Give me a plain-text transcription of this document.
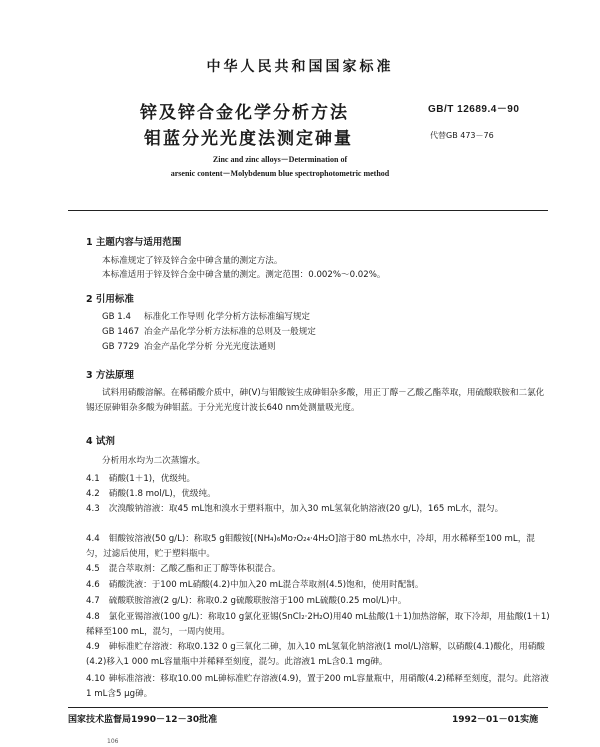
中华人民共和国国家标准
锌及锌合金化学分析方法
钼蓝分光光度法测定砷量
GB/T 12689.4－90
代替GB 473－76
Zinc and zinc alloys－Determination of
arsenic content－Molybdenum blue spectrophotometric method
1 主题内容与适用范围
本标准规定了锌及锌合金中砷含量的测定方法。
本标准适用于锌及锌合金中砷含量的测定。测定范围：0.002%～0.02%。
2 引用标准
GB 1.4 标准化工作导则 化学分析方法标准编写规定
GB 1467 冶金产品化学分析方法标准的总则及一般规定
GB 7729 冶金产品化学分析 分光光度法通则
3 方法原理
试料用硝酸溶解。在稀硝酸介质中，砷(V)与钼酸铵生成砷钼杂多酸，用正丁醇－乙酸乙酯萃取，用硫酸联胺和二氯化锡还原砷钼杂多酸为砷钼蓝。于分光光度计波长640 nm处测量吸光度。
4 试剂
分析用水均为二次蒸馏水。
4.1 硝酸(1＋1)，优级纯。
4.2 硝酸(1.8 mol/L)，优级纯。
4.3 次溴酸钠溶液：取45 mL饱和溴水于塑料瓶中，加入30 mL氢氧化钠溶液(20 g/L)，165 mL水，混匀。
4.4 钼酸铵溶液(50 g/L)：称取5 g钼酸铵[(NH₄)₆Mo₇O₂₄·4H₂O]溶于80 mL热水中，冷却，用水稀释至100 mL，混匀，过滤后使用，贮于塑料瓶中。
4.5 混合萃取剂：乙酸乙酯和正丁醇等体积混合。
4.6 硝酸洗液：于100 mL硝酸(4.2)中加入20 mL混合萃取剂(4.5)饱和，使用时配制。
4.7 硫酸联胺溶液(2 g/L)：称取0.2 g硫酸联胺溶于100 mL硫酸(0.25 mol/L)中。
4.8 氯化亚锡溶液(100 g/L)：称取10 g氯化亚锡(SnCl₂·2H₂O)用40 mL盐酸(1＋1)加热溶解，取下冷却，用盐酸(1＋1)稀释至100 mL，混匀，一周内使用。
4.9 砷标准贮存溶液：称取0.132 0 g三氧化二砷，加入10 mL氢氧化钠溶液(1 mol/L)溶解，以硝酸(4.1)酸化，用硝酸(4.2)移入1 000 mL容量瓶中并稀释至刻度，混匀。此溶液1 mL含0.1 mg砷。
4.10 砷标准溶液：移取10.00 mL砷标准贮存溶液(4.9)，置于200 mL容量瓶中，用硝酸(4.2)稀释至刻度，混匀。此溶液1 mL含5 μg砷。
国家技术监督局1990－12－30批准	1992－01－01实施
106
